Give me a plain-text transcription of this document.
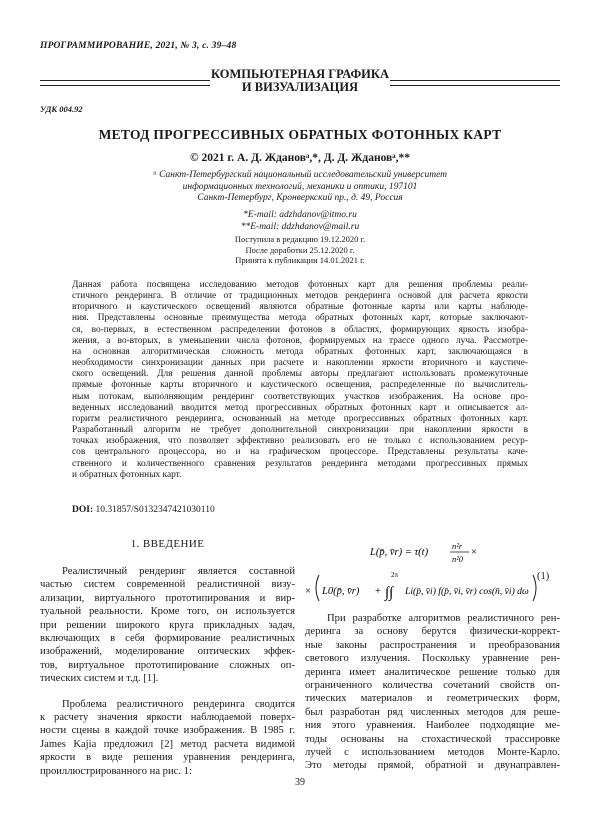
ПРОГРАММИРОВАНИЕ, 2021, № 3, с. 39–48
КОМПЬЮТЕРНАЯ ГРАФИКА
И ВИЗУАЛИЗАЦИЯ
УДК 004.92
МЕТОД ПРОГРЕССИВНЫХ ОБРАТНЫХ ФОТОННЫХ КАРТ
© 2021 г. А. Д. Ждановᵃ,*, Д. Д. Ждановᵃ,**
ᵃ Санкт-Петербургский национальный исследовательский университет
информационных технологий, механики и оптики, 197101
Санкт-Петербург, Кронверкский пр., д. 49, Россия
*E-mail: adzhdanov@itmo.ru
**E-mail: ddzhdanov@mail.ru
Поступила в редакцию 19.12.2020 г.
После доработки 25.12.2020 г.
Принята к публикации 14.01.2021 г.
Данная работа посвящена исследованию методов фотонных карт для решения проблемы реали-
стичного рендеринга. В отличие от традиционных методов рендеринга основой для расчета яркости
вторичного и каустического освещений являются обратные фотонные карты или карты наблюде-
ния. Представлены основные преимущества метода обратных фотонных карт, которые заключают-
ся, во-первых, в естественном распределении фотонов в областях, формирующих яркость изобра-
жения, а во-вторых, в уменьшении числа фотонов, формируемых на трассе одного луча. Рассмотре-
на основная алгоритмическая сложность метода обратных фотонных карт, заключающаяся в
необходимости синхронизации данных при расчете и накоплении яркости вторичного и каустиче-
ского освещений. Для решения данной проблемы авторы предлагают использовать промежуточные
прямые фотонные карты вторичного и каустического освещения, распределенные по вычислитель-
ным потокам, выполняющим рендеринг соответствующих участков изображения. На основе про-
веденных исследований вводится метод прогрессивных обратных фотонных карт и описывается ал-
горитм реалистичного рендеринга, основанный на методе прогрессивных обратных фотонных карт.
Разработанный алгоритм не требует дополнительной синхронизации при накоплении яркости в
точках изображения, что позволяет эффективно реализовать его не только с использованием ресур-
сов центрального процессора, но и на графическом процессоре. Представлены результаты каче-
ственного и количественного сравнения результатов рендеринга методами прогрессивных прямых
и обратных фотонных карт.
DOI: 10.31857/S0132347421030110
1. ВВЕДЕНИЕ
Реалистичный рендеринг является составной
частью систем современной реалистичной визу-
ализации, виртуального прототипирования и вир-
туальной реальности. Кроме того, он используется
при решении широкого круга прикладных задач,
включающих в себя формирование реалистичных
изображений, моделирование оптических эффек-
тов, виртуальное прототипирование сложных оп-
тических систем и т.д. [1].
Проблема реалистичного рендеринга сводится
к расчету значения яркости наблюдаемой поверх-
ности сцены в каждой точке изображения. В 1985 г.
James Kajia предложил [2] метод расчета видимой
яркости в виде решения уравнения рендеринга,
проиллюстрированного на рис. 1:
L(p̄, v̄r) = τ(t)
n²r
n²0
×
× L0(p̄, v̄r) + ∫∫
2π
Li(p̄, v̄i) f(p̄, v̄i, v̄r) cos(n̄, v̄i) dω
(1)
При разработке алгоритмов реалистичного рен-
деринга за основу берутся физически-коррект-
ные законы распространения и преобразования
светового излучения. Поскольку уравнение рен-
деринга имеет аналитическое решение только для
ограниченного количества сочетаний свойств оп-
тических материалов и геометрических форм,
был разработан ряд численных методов для реше-
ния этого уравнения. Наиболее подходящие ме-
тоды основаны на стохастической трассировке
лучей с использованием методов Монте-Карло.
Это методы прямой, обратной и двунаправлен-
39
